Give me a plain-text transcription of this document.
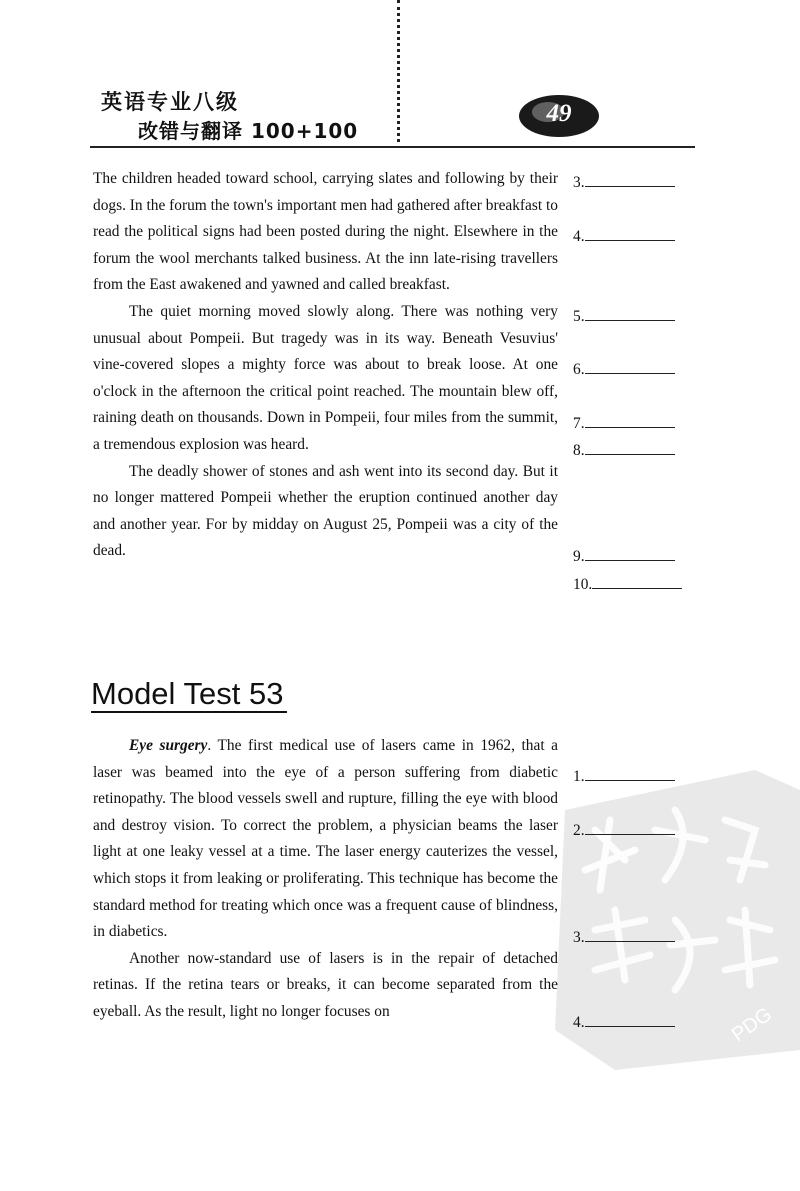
英语专业八级
改错与翻译 100+100
49

The children headed toward school, carrying slates and following by their dogs. In the forum the town's important men had gathered after breakfast to read the political signs had been posted during the night. Elsewhere in the forum the wool merchants talked business. At the inn late-rising travellers from the East awakened and yawned and called breakfast.

The quiet morning moved slowly along. There was nothing very unusual about Pompeii. But tragedy was in its way. Beneath Vesuvius' vine-covered slopes a mighty force was about to break loose. At one o'clock in the afternoon the critical point reached. The mountain blew off, raining death on thousands. Down in Pompeii, four miles from the summit, a tremendous explosion was heard.

The deadly shower of stones and ash went into its second day. But it no longer mattered Pompeii whether the eruption continued another day and another year. For by midday on August 25, Pompeii was a city of the dead.

3.
4.
5.
6.
7.
8.
9.
10.
Model Test 53
PDG

Eye surgery. The first medical use of lasers came in 1962, that a laser was beamed into the eye of a person suffering from diabetic retinopathy. The blood vessels swell and rupture, filling the eye with blood and destroy vision. To correct the problem, a physician beams the laser light at one leaky vessel at a time. The laser energy cauterizes the vessel, which stops it from leaking or proliferating. This technique has become the standard method for treating which once was a frequent cause of blindness, in diabetics.

Another now-standard use of lasers is in the repair of detached retinas. If the retina tears or breaks, it can become separated from the eyeball. As the result, light no longer focuses on

1.
2.
3.
4.
